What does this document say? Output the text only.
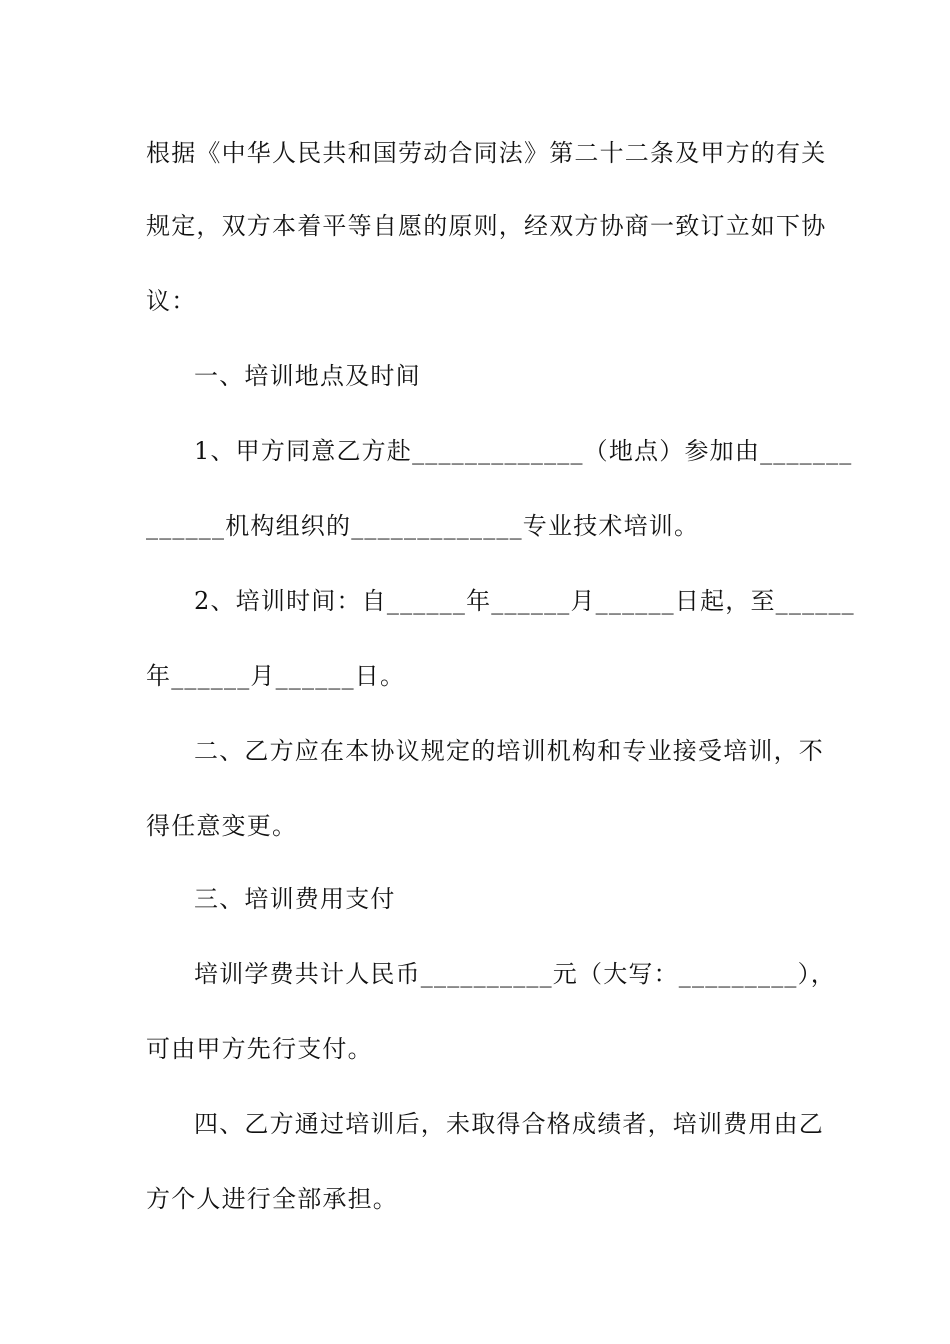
根据《中华人民共和国劳动合同法》第二十二条及甲方的有关
规定，双方本着平等自愿的原则，经双方协商一致订立如下协
议：
一、培训地点及时间
1、甲方同意乙方赴_____________（地点）参加由_______
______机构组织的_____________专业技术培训。
2、培训时间：自______年______月______日起，至______
年______月______日。
二、乙方应在本协议规定的培训机构和专业接受培训，不
得任意变更。
三、培训费用支付
培训学费共计人民币__________元（大写：_________），
可由甲方先行支付。
四、乙方通过培训后，未取得合格成绩者，培训费用由乙
方个人进行全部承担。
